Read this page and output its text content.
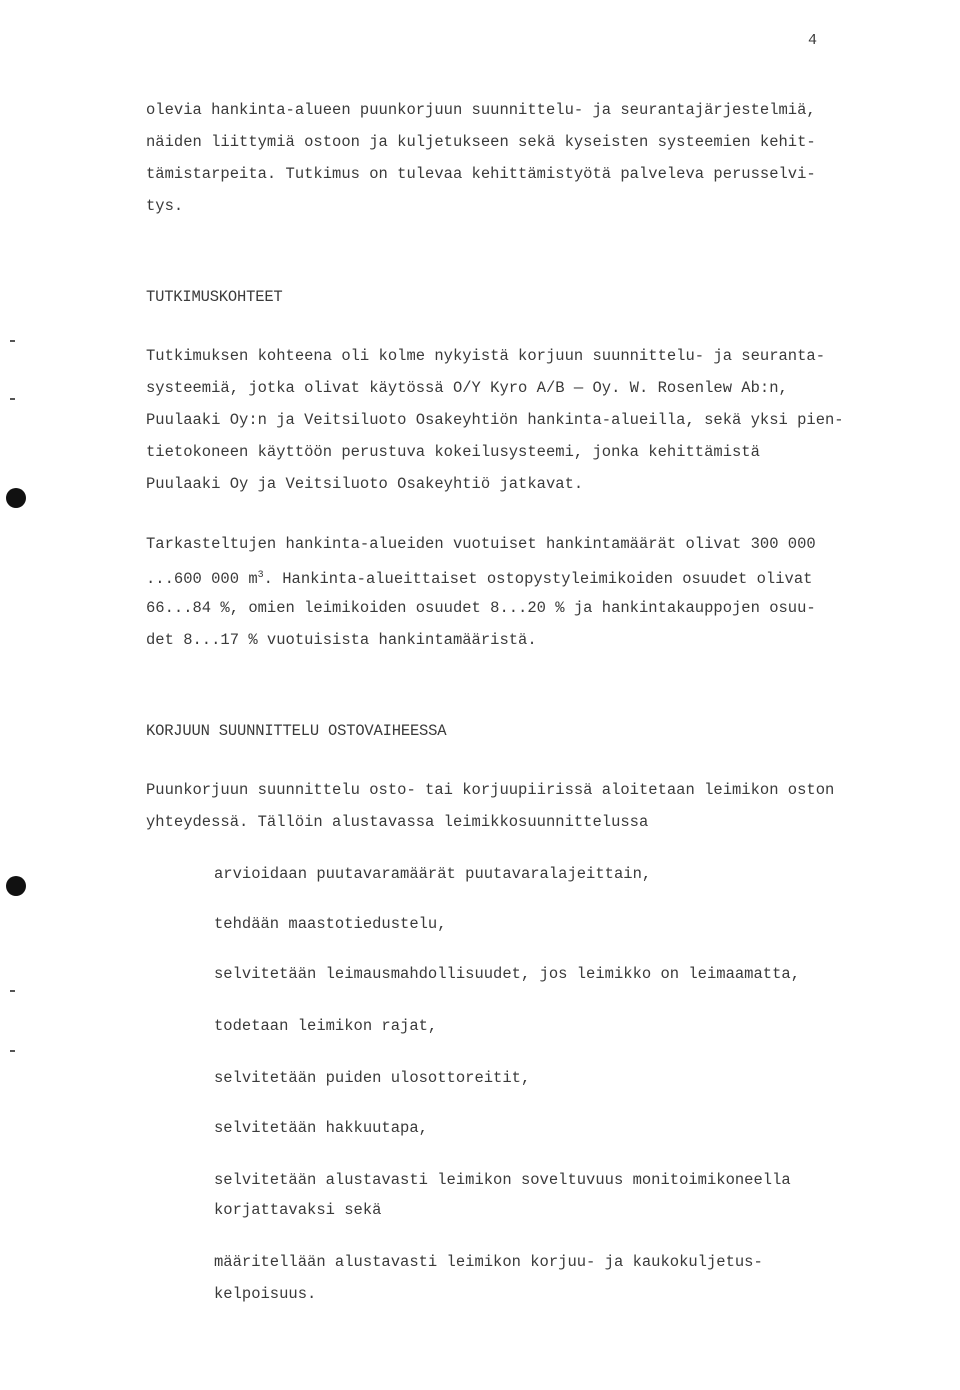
4
olevia hankinta-alueen puunkorjuun suunnittelu- ja seurantajärjestelmiä,
näiden liittymiä ostoon ja kuljetukseen sekä kyseisten systeemien kehit-
tämistarpeita. Tutkimus on tulevaa kehittämistyötä palveleva perusselvi-
tys.
TUTKIMUSKOHTEET
Tutkimuksen kohteena oli kolme nykyistä korjuun suunnittelu- ja seuranta-
systeemiä, jotka olivat käytössä O/Y Kyro A/B — Oy. W. Rosenlew Ab:n,
Puulaaki Oy:n ja Veitsiluoto Osakeyhtiön hankinta-alueilla, sekä yksi pien-
tietokoneen käyttöön perustuva kokeilusysteemi, jonka kehittämistä
Puulaaki Oy ja Veitsiluoto Osakeyhtiö jatkavat.
Tarkasteltujen hankinta-alueiden vuotuiset hankintamäärät olivat 300 000
...600 000 $m^3$. Hankinta-alueittaiset ostopystyleimikoiden osuudet olivat
66...84 %, omien leimikoiden osuudet 8...20 % ja hankintakauppojen osuu-
det 8...17 % vuotuisista hankintamääristä.
KORJUUN SUUNNITTELU OSTOVAIHEESSA
Puunkorjuun suunnittelu osto- tai korjuupiirissä aloitetaan leimikon oston
yhteydessä. Tällöin alustavassa leimikkosuunnittelussa
arvioidaan puutavaramäärät puutavaralajeittain,
tehdään maastotiedustelu,
selvitetään leimausmahdollisuudet, jos leimikko on leimaamatta,
todetaan leimikon rajat,
selvitetään puiden ulosottoreitit,
selvitetään hakkuutapa,
selvitetään alustavasti leimikon soveltuvuus monitoimikoneella
korjattavaksi sekä
määritellään alustavasti leimikon korjuu- ja kaukokuljetus-
kelpoisuus.
